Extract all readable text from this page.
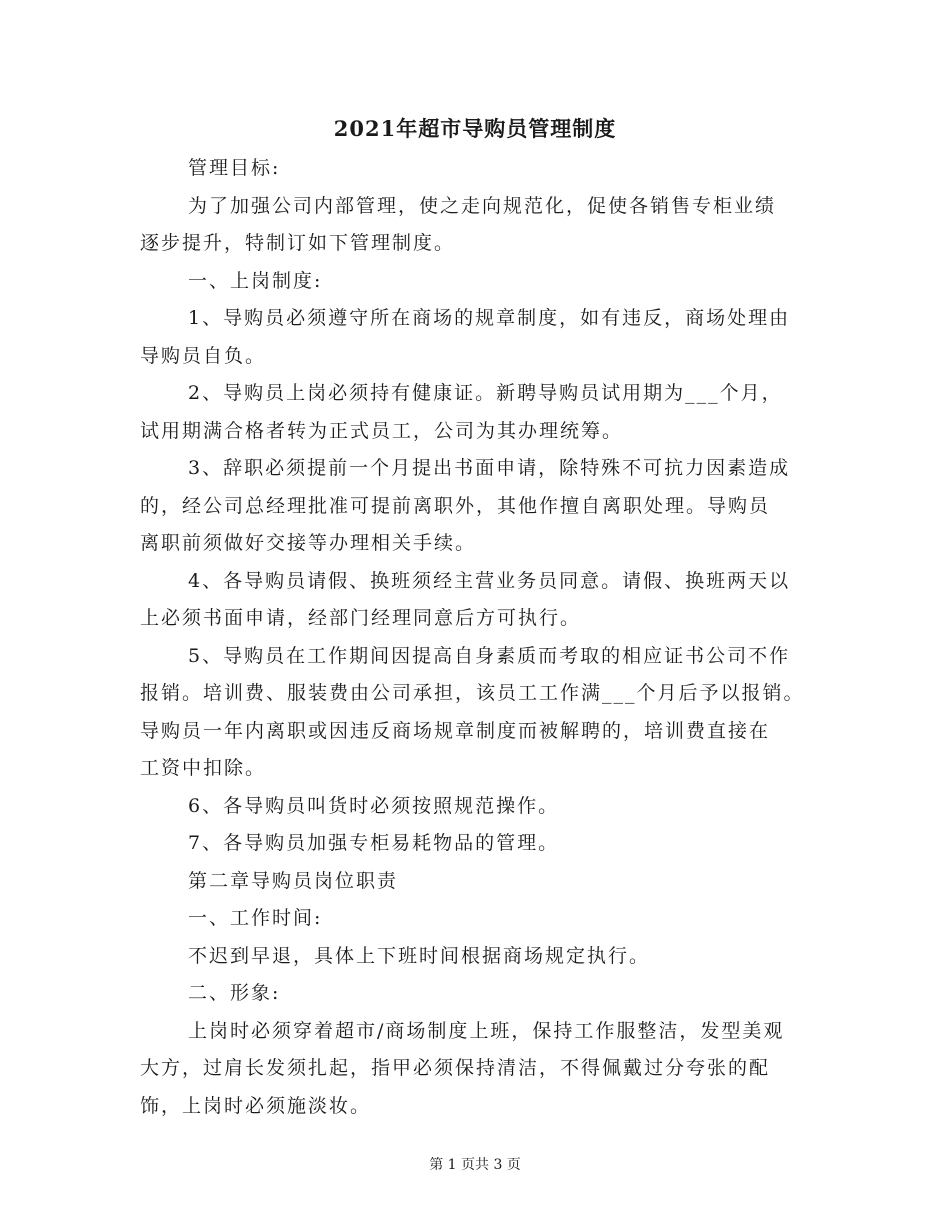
2021年超市导购员管理制度
管理目标:
为了加强公司内部管理，使之走向规范化，促使各销售专柜业绩
逐步提升，特制订如下管理制度。
一、上岗制度:
1、导购员必须遵守所在商场的规章制度，如有违反，商场处理由
导购员自负。
2、导购员上岗必须持有健康证。新聘导购员试用期为___个月，
试用期满合格者转为正式员工，公司为其办理统筹。
3、辞职必须提前一个月提出书面申请，除特殊不可抗力因素造成
的，经公司总经理批准可提前离职外，其他作擅自离职处理。导购员
离职前须做好交接等办理相关手续。
4、各导购员请假、换班须经主营业务员同意。请假、换班两天以
上必须书面申请，经部门经理同意后方可执行。
5、导购员在工作期间因提高自身素质而考取的相应证书公司不作
报销。培训费、服装费由公司承担，该员工工作满___个月后予以报销。
导购员一年内离职或因违反商场规章制度而被解聘的，培训费直接在
工资中扣除。
6、各导购员叫货时必须按照规范操作。
7、各导购员加强专柜易耗物品的管理。
第二章导购员岗位职责
一、工作时间:
不迟到早退，具体上下班时间根据商场规定执行。
二、形象:
上岗时必须穿着超市/商场制度上班，保持工作服整洁，发型美观
大方，过肩长发须扎起，指甲必须保持清洁，不得佩戴过分夸张的配
饰，上岗时必须施淡妆。
第 1 页共 3 页
